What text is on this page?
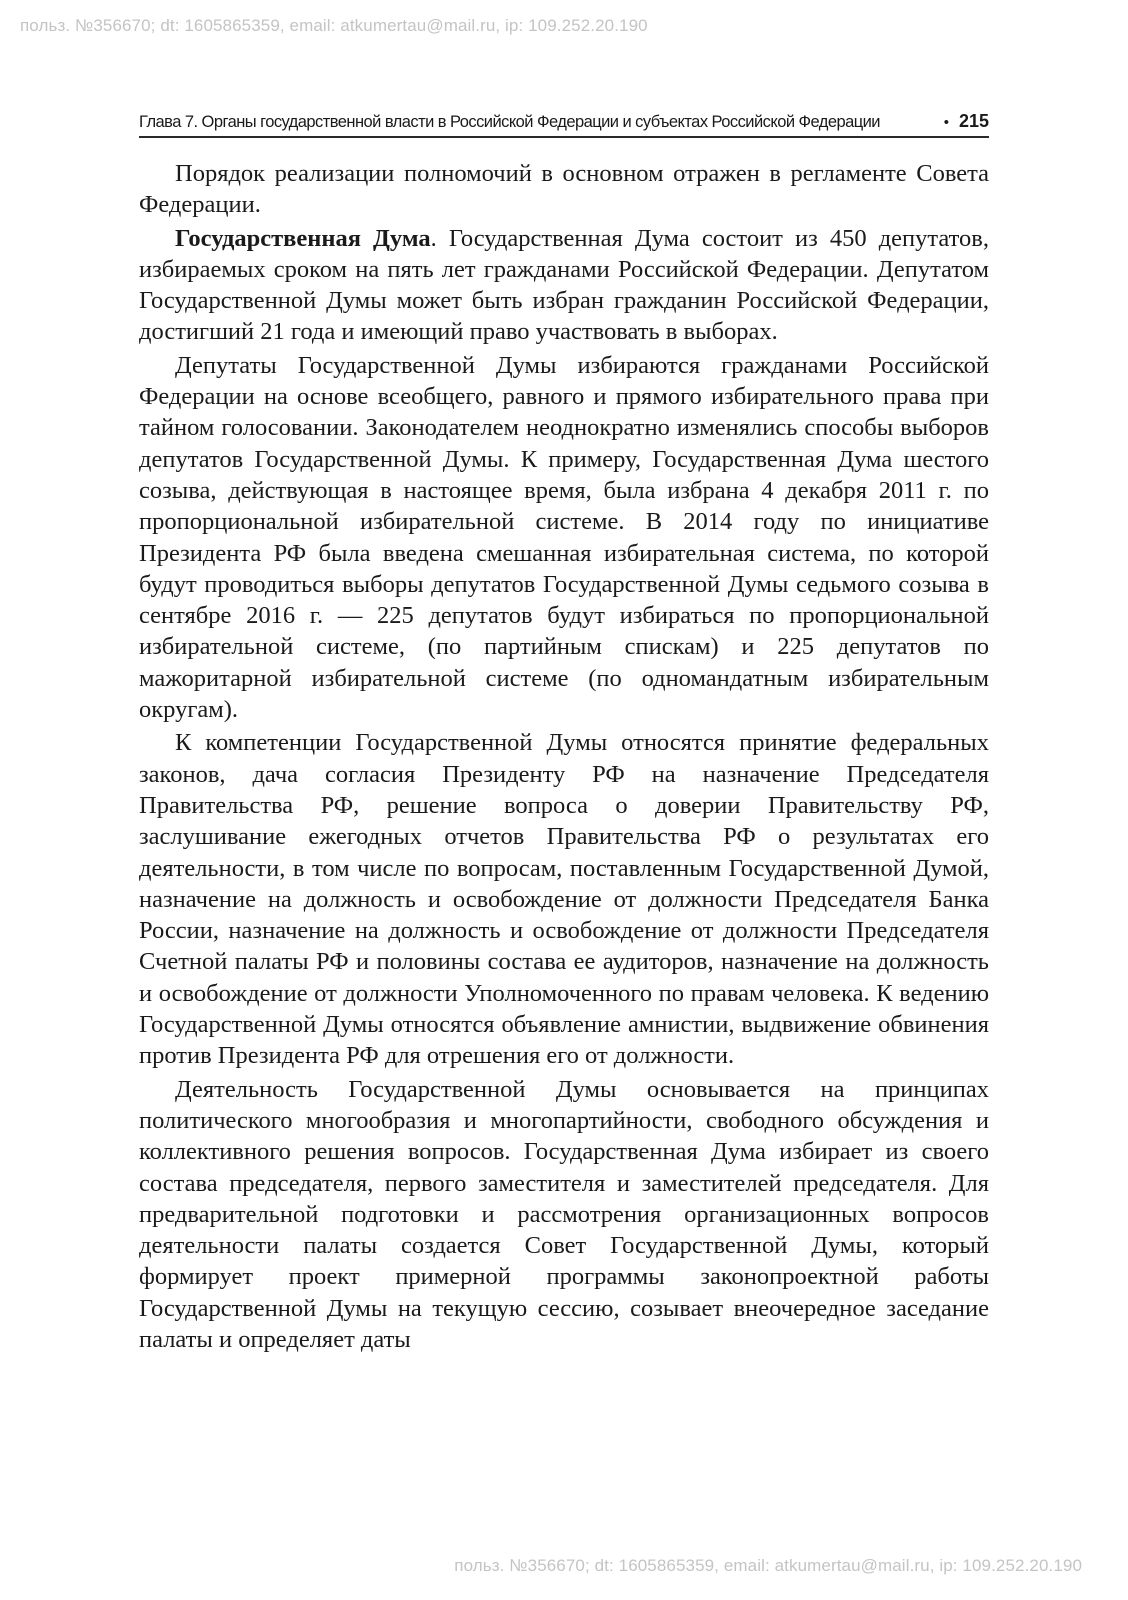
польз. №356670; dt: 1605865359, email: atkumertau@mail.ru, ip: 109.252.20.190
Глава 7. Органы государственной власти в Российской Федерации и субъектах Российской Федерации	• 215

Порядок реализации полномочий в основном отражен в регламенте Совета Федерации.

Государственная Дума. Государственная Дума состоит из 450 депутатов, избираемых сроком на пять лет гражданами Российской Федерации. Депутатом Государственной Думы может быть избран гражданин Российской Федерации, достигший 21 года и имеющий право участвовать в выборах.

Депутаты Государственной Думы избираются гражданами Российской Федерации на основе всеобщего, равного и прямого избирательного права при тайном голосовании. Законодателем неоднократно изменялись способы выборов депутатов Государственной Думы. К примеру, Государственная Дума шестого созыва, действующая в настоящее время, была избрана 4 декабря 2011 г. по пропорциональной избирательной системе. В 2014 году по инициативе Президента РФ была введена смешанная избирательная система, по которой будут проводиться выборы депутатов Государственной Думы седьмого созыва в сентябре 2016 г. — 225 депутатов будут избираться по пропорциональной избирательной системе, (по партийным спискам) и 225 депутатов по мажоритарной избирательной системе (по одномандатным избирательным округам).

К компетенции Государственной Думы относятся принятие федеральных законов, дача согласия Президенту РФ на назначение Председателя Правительства РФ, решение вопроса о доверии Правительству РФ, заслушивание ежегодных отчетов Правительства РФ о результатах его деятельности, в том числе по вопросам, поставленным Государственной Думой, назначение на должность и освобождение от должности Председателя Банка России, назначение на должность и освобождение от должности Председателя Счетной палаты РФ и половины состава ее аудиторов, назначение на должность и освобождение от должности Уполномоченного по правам человека. К ведению Государственной Думы относятся объявление амнистии, выдвижение обвинения против Президента РФ для отрешения его от должности.

Деятельность Государственной Думы основывается на принципах политического многообразия и многопартийности, свободного обсуждения и коллективного решения вопросов. Государственная Дума избирает из своего состава председателя, первого заместителя и заместителей председателя. Для предварительной подготовки и рассмотрения организационных вопросов деятельности палаты создается Совет Государственной Думы, который формирует проект примерной программы законопроектной работы Государственной Думы на текущую сессию, созывает внеочередное заседание палаты и определяет даты

польз. №356670; dt: 1605865359, email: atkumertau@mail.ru, ip: 109.252.20.190
